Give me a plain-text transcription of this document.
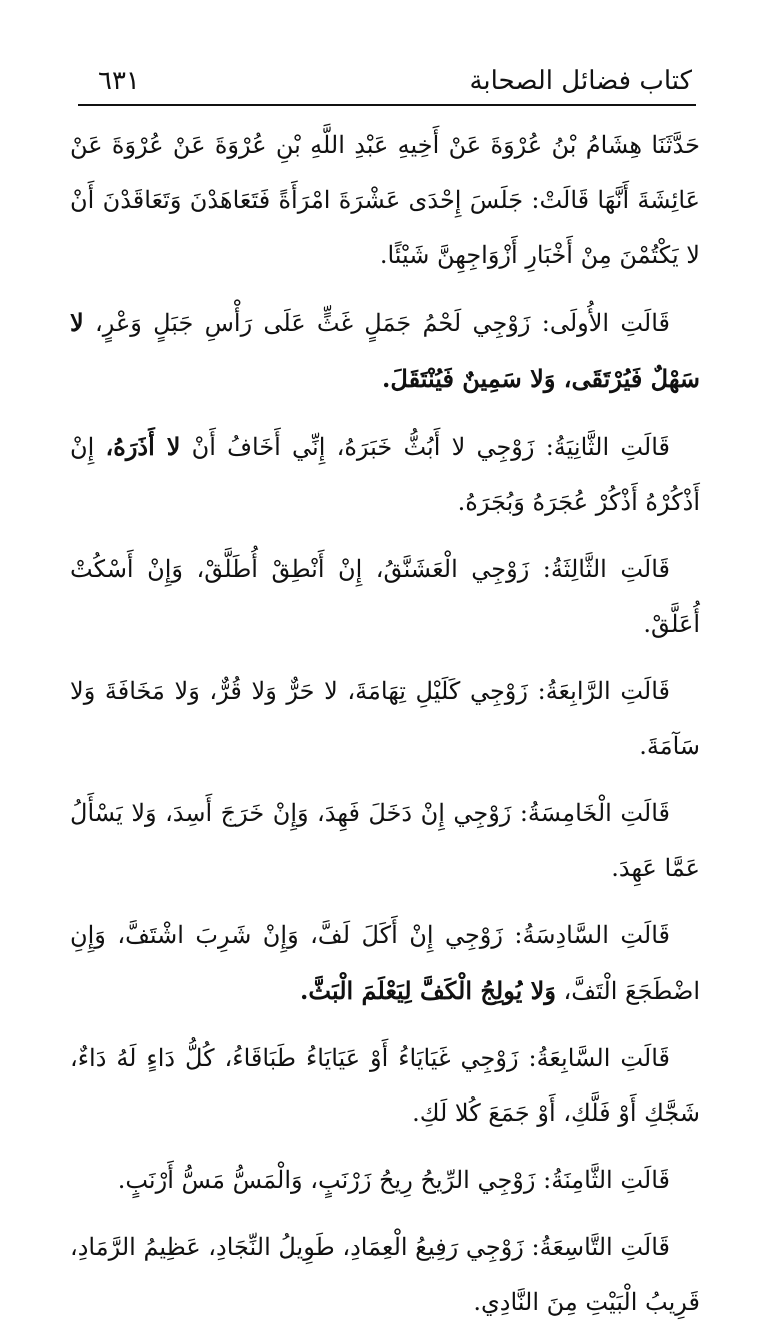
كتاب فضائل الصحابة
٦٣١

حَدَّثَنَا هِشَامُ بْنُ عُرْوَةَ عَنْ أَخِيهِ عَبْدِ اللَّهِ بْنِ عُرْوَةَ عَنْ عُرْوَةَ عَنْ عَائِشَةَ أَنَّهَا قَالَتْ: جَلَسَ إِحْدَى عَشْرَةَ امْرَأَةً فَتَعَاهَدْنَ وَتَعَاقَدْنَ أَنْ لا يَكْتُمْنَ مِنْ أَخْبَارِ أَزْوَاجِهِنَّ شَيْئًا.

قَالَتِ الأُولَى: زَوْجِي لَحْمُ جَمَلٍ غَثٍّ عَلَى رَأْسِ جَبَلٍ وَعْرٍ، لا سَهْلٌ فَيُرْتَقَى، وَلا سَمِينٌ فَيُنْتَقَلَ.

قَالَتِ الثَّانِيَةُ: زَوْجِي لا أَبُثُّ خَبَرَهُ، إِنِّي أَخَافُ أَنْ لا أَذَرَهُ، إِنْ أَذْكُرْهُ أَذْكُرْ عُجَرَهُ وَبُجَرَهُ.

قَالَتِ الثَّالِثَةُ: زَوْجِي الْعَشَنَّقُ، إِنْ أَنْطِقْ أُطَلَّقْ، وَإِنْ أَسْكُتْ أُعَلَّقْ.

قَالَتِ الرَّابِعَةُ: زَوْجِي كَلَيْلِ تِهَامَةَ، لا حَرٌّ وَلا قُرٌّ، وَلا مَخَافَةَ وَلا سَآمَةَ.

قَالَتِ الْخَامِسَةُ: زَوْجِي إِنْ دَخَلَ فَهِدَ، وَإِنْ خَرَجَ أَسِدَ، وَلا يَسْأَلُ عَمَّا عَهِدَ.

قَالَتِ السَّادِسَةُ: زَوْجِي إِنْ أَكَلَ لَفَّ، وَإِنْ شَرِبَ اشْتَفَّ، وَإِنِ اضْطَجَعَ الْتَفَّ، وَلا يُولِجُ الْكَفَّ لِيَعْلَمَ الْبَثَّ.

قَالَتِ السَّابِعَةُ: زَوْجِي غَيَايَاءُ أَوْ عَيَايَاءُ طَبَاقَاءُ، كُلُّ دَاءٍ لَهُ دَاءٌ، شَجَّكِ أَوْ فَلَّكِ، أَوْ جَمَعَ كُلا لَكِ.

قَالَتِ الثَّامِنَةُ: زَوْجِي الرِّيحُ رِيحُ زَرْنَبٍ، وَالْمَسُّ مَسُّ أَرْنَبٍ.

قَالَتِ التَّاسِعَةُ: زَوْجِي رَفِيعُ الْعِمَادِ، طَوِيلُ النِّجَادِ، عَظِيمُ الرَّمَادِ، قَرِيبُ الْبَيْتِ مِنَ النَّادِي.
